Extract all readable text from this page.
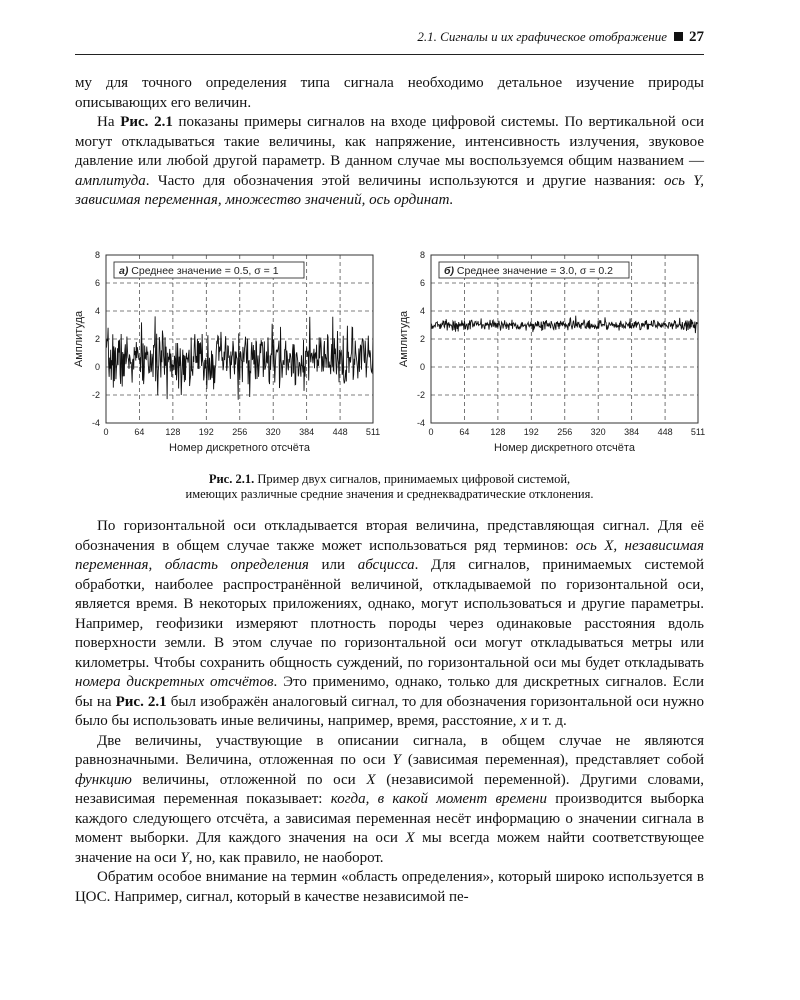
2.1. Сигналы и их графическое отображение 27

му для точного определения типа сигнала необходимо детальное изучение природы описывающих его величин.

На Рис. 2.1 показаны примеры сигналов на входе цифровой системы. По вертикальной оси могут откладываться такие величины, как напряжение, интенсивность излучения, звуковое давление или любой другой параметр. В данном случае мы воспользуемся общим названием — амплитуда. Часто для обозначения этой величины используются и другие названия: ось Y, зависимая переменная, множество значений, ось ординат.

0	64 128 192 256 320 384 448 511
-4
-2
0
2
4
6
8
Номер дискретного отсчёта
Амплитуда
а) Среднее значение = 0.5, σ = 1
0	64 128 192 256 320 384 448 511
-4
-2
0
2
4
6
8
Номер дискретного отсчёта
Амплитуда
б) Среднее значение = 3.0, σ = 0.2
Рис. 2.1. Пример двух сигналов, принимаемых цифровой системой,
имеющих различные средние значения и среднеквадратические отклонения.

По горизонтальной оси откладывается вторая величина, представляющая сигнал. Для её обозначения в общем случае также может использоваться ряд терминов: ось X, независимая переменная, область определения или абсцисса. Для сигналов, принимаемых системой обработки, наиболее распространённой величиной, откладываемой по горизонтальной оси, является время. В некоторых приложениях, однако, могут использоваться и другие параметры. Например, геофизики измеряют плотность породы через одинаковые расстояния вдоль поверхности земли. В этом случае по горизонтальной оси могут откладываться метры или километры. Чтобы сохранить общность суждений, по горизонтальной оси мы будет откладывать номера дискретных отсчётов. Это применимо, однако, только для дискретных сигналов. Если бы на Рис. 2.1 был изображён аналоговый сигнал, то для обозначения горизонтальной оси нужно было бы использовать иные величины, например, время, расстояние, x и т. д.

Две величины, участвующие в описании сигнала, в общем случае не являются равнозначными. Величина, отложенная по оси Y (зависимая переменная), представляет собой функцию величины, отложенной по оси X (независимой переменной). Другими словами, независимая переменная показывает: когда, в какой момент времени производится выборка каждого следующего отсчёта, а зависимая переменная несёт информацию о значении сигнала в момент выборки. Для каждого значения на оси X мы всегда можем найти соответствующее значение на оси Y, но, как правило, не наоборот.

Обратим особое внимание на термин «область определения», который широко используется в ЦОС. Например, сигнал, который в качестве независимой пе-
